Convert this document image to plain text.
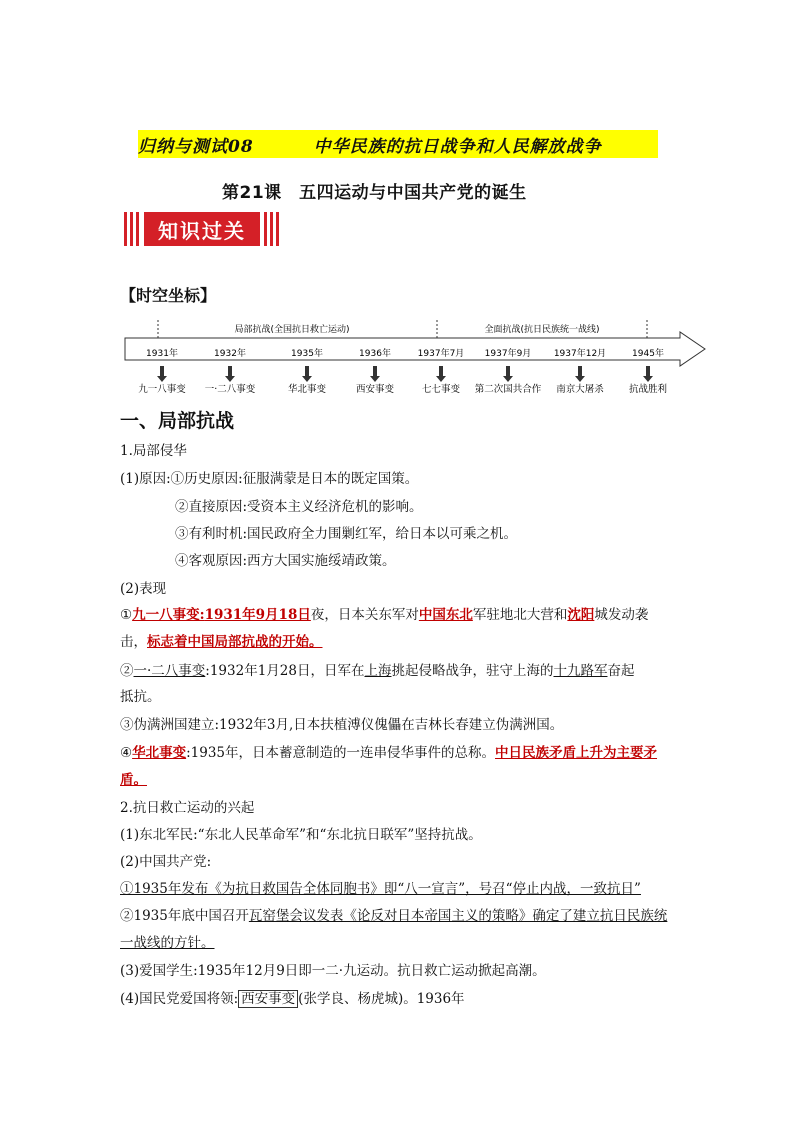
归纳与测试08	中华民族的抗日战争和人民解放战争
第21课　五四运动与中国共产党的诞生
知识过关
【时空坐标】
局部抗战(全国抗日救亡运动)	全面抗战(抗日民族统一战线)
1931年	1932年	1935年	1936年	1937年7月 1937年9月	1937年12月	1945年
九一八事变 一·二八事变	华北事变	西安事变	七七事变 第二次国共合作 南京大屠杀	抗战胜利
一、局部抗战
1.局部侵华
(1)原因:①历史原因:征服满蒙是日本的既定国策。
②直接原因:受资本主义经济危机的影响。
③有利时机:国民政府全力围剿红军，给日本以可乘之机。
④客观原因:西方大国实施绥靖政策。
(2)表现
①九一八事变:1931年9月18日夜，日本关东军对中国东北军驻地北大营和沈阳城发动袭
击，标志着中国局部抗战的开始。
②一·二八事变:1932年1月28日，日军在上海挑起侵略战争，驻守上海的十九路军奋起
抵抗。
③伪满洲国建立:1932年3月,日本扶植溥仪傀儡在吉林长春建立伪满洲国。
④华北事变:1935年，日本蓄意制造的一连串侵华事件的总称。中日民族矛盾上升为主要矛
盾。
2.抗日救亡运动的兴起
(1)东北军民:“东北人民革命军”和“东北抗日联军”坚持抗战。
(2)中国共产党:
①1935年发布《为抗日救国告全体同胞书》即“八一宣言”，号召“停止内战，一致抗日”
②1935年底中国召开瓦窑堡会议发表《论反对日本帝国主义的策略》确定了建立抗日民族统
一战线的方针。
(3)爱国学生:1935年12月9日即一二·九运动。抗日救亡运动掀起高潮。
(4)国民党爱国将领: 西安事变 (张学良、杨虎城)。1936年
